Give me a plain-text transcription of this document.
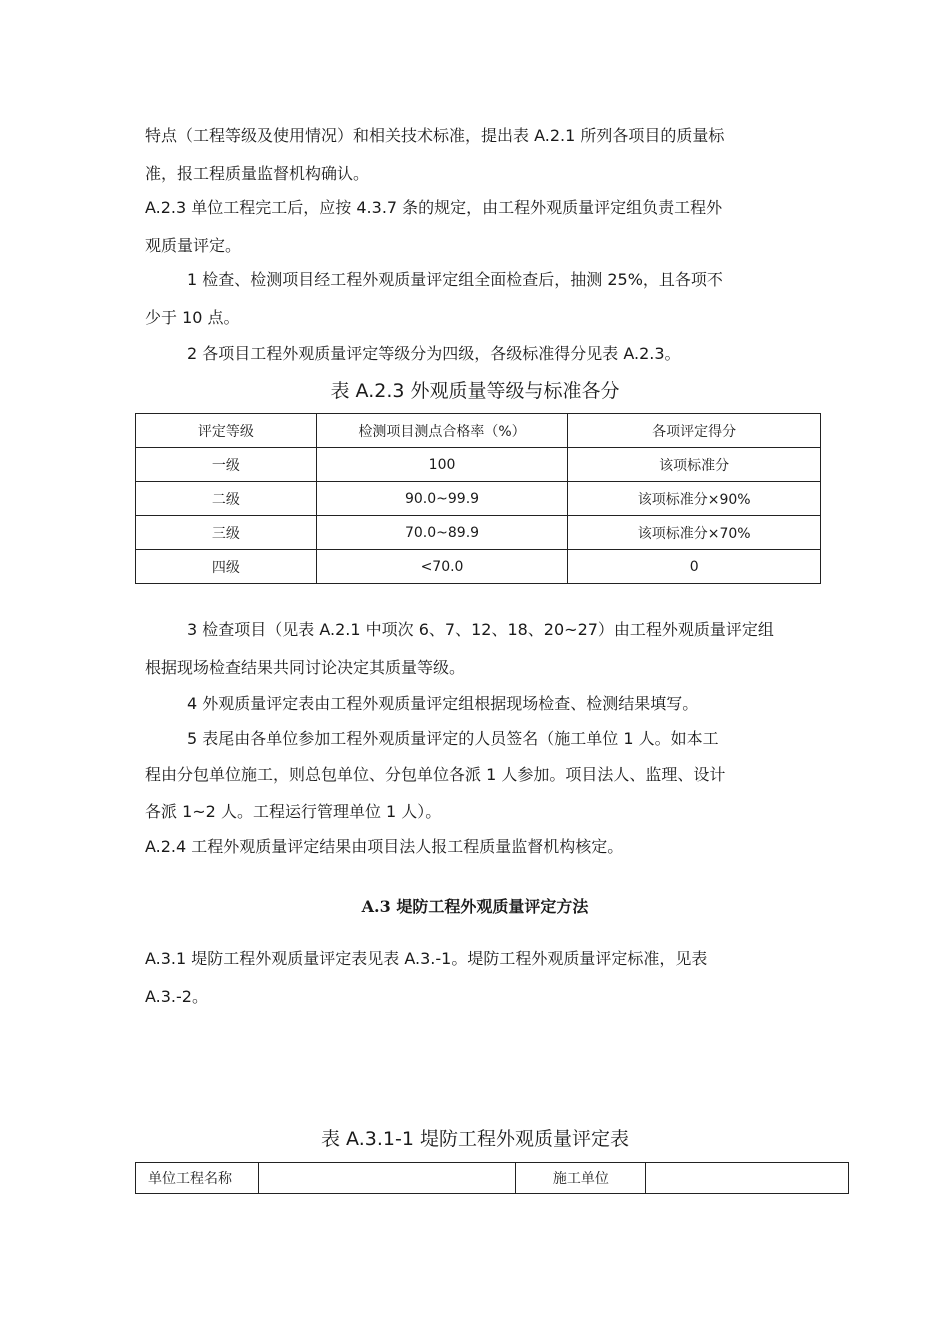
特点（工程等级及使用情况）和相关技术标准，提出表 A.2.1 所列各项目的质量标

准，报工程质量监督机构确认。

A.2.3 单位工程完工后，应按 4.3.7 条的规定，由工程外观质量评定组负责工程外

观质量评定。

1 检查、检测项目经工程外观质量评定组全面检查后，抽测 25%，且各项不

少于 10 点。

2 各项目工程外观质量评定等级分为四级，各级标准得分见表 A.2.3。

表 A.2.3 外观质量等级与标准各分

评定等级	检测项目测点合格率（%）	各项评定得分
一级	100	该项标准分
二级	90.0~99.9	该项标准分×90%
三级	70.0~89.9	该项标准分×70%
四级	<70.0	0

3 检查项目（见表 A.2.1 中项次 6、7、12、18、20~27）由工程外观质量评定组

根据现场检查结果共同讨论决定其质量等级。

4 外观质量评定表由工程外观质量评定组根据现场检查、检测结果填写。

5 表尾由各单位参加工程外观质量评定的人员签名（施工单位 1 人。如本工

程由分包单位施工，则总包单位、分包单位各派 1 人参加。项目法人、监理、设计

各派 1~2 人。工程运行管理单位 1 人）。

A.2.4 工程外观质量评定结果由项目法人报工程质量监督机构核定。

A.3 堤防工程外观质量评定方法

A.3.1 堤防工程外观质量评定表见表 A.3.-1。堤防工程外观质量评定标准，见表

A.3.-2。

表 A.3.1-1 堤防工程外观质量评定表

单位工程名称		施工单位	
